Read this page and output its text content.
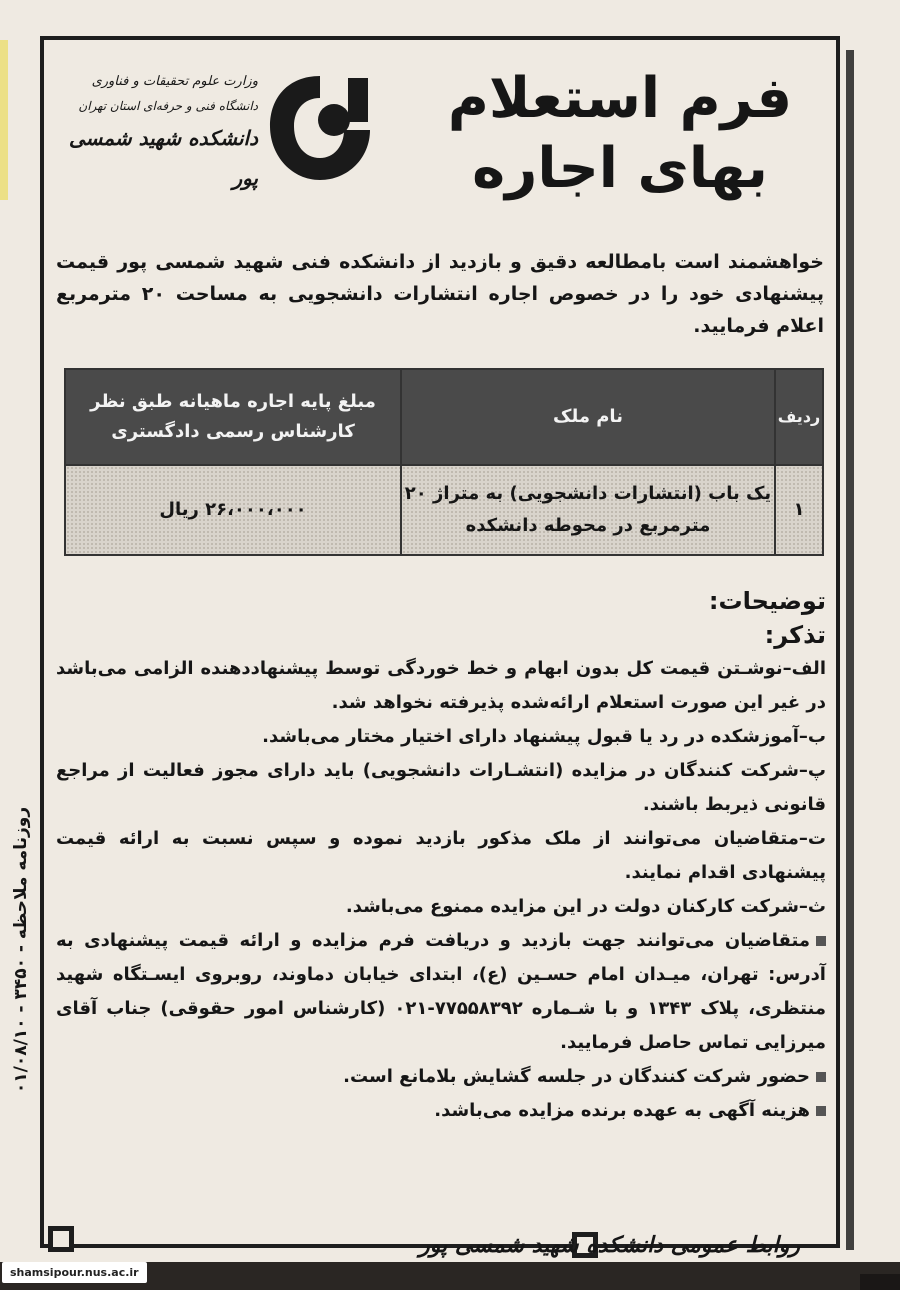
وزارت علوم تحقیقات و فناوری
دانشگاه فنی و حرفه‌ای استان تهران
دانشکده شهید شمسی پور
فرم استعلام
بهای اجاره
خواهشمند است بامطالعه دقیق و بازدید از دانشکده فنی شهید شمسی پور قیمت پیشنهادی خود را در خصوص اجاره انتشارات دانشجویی به مساحت ۲۰ مترمربع اعلام فرمایید.
ردیف	نام ملک	مبلغ پایه اجاره ماهیانه طبق نظر کارشناس رسمی دادگستری
۱	یک باب (انتشارات دانشجویی) به متراژ ۲۰ مترمربع در محوطه دانشکده	۲۶،۰۰۰،۰۰۰ ریال

توضیحات:

تذکر:

الف–نوشـتن قیمت کل بدون ابهام و خط خوردگی توسط پیشنهاددهنده الزامی می‌باشد در غیر این صورت استعلام ارائه‌شده پذیرفته نخواهد شد.

ب–آموزشکده در رد یا قبول پیشنهاد دارای اختیار مختار می‌باشد.

پ–شرکت کنندگان در مزایده (انتشـارات دانشجویی) باید دارای مجوز فعالیت از مراجع قانونی ذیربط باشند.

ت–متقاضیان می‌توانند از ملک مذکور بازدید نموده و سپس نسبت به ارائه قیمت پیشنهادی اقدام نمایند.

ث–شرکت کارکنان دولت در این مزایده ممنوع می‌باشد.

متقاضیان می‌توانند جهت بازدید و دریافت فرم مزایده و ارائه قیمت پیشنهادی به آدرس: تهران، میـدان امام حسـین (ع)، ابتدای خیابان دماوند، روبروی ایسـتگاه شهید منتظری، پلاک ۱۳۴۳ و با شـماره ۷۷۵۵۸۳۹۲-۰۲۱ (کارشناس امور حقوقی) جناب آقای میرزایی تماس حاصل فرمایید.

حضور شرکت کنندگان در جلسه گشایش بلامانع است.

هزینه آگهی به عهده برنده مزایده می‌باشد.

روزنامه ملاحظه - ۳۴۵۰ - ۰۱/۰۸/۱۰
روابط عمومی دانشکده شهید شمسی پور
shamsipour.nus.ac.ir
